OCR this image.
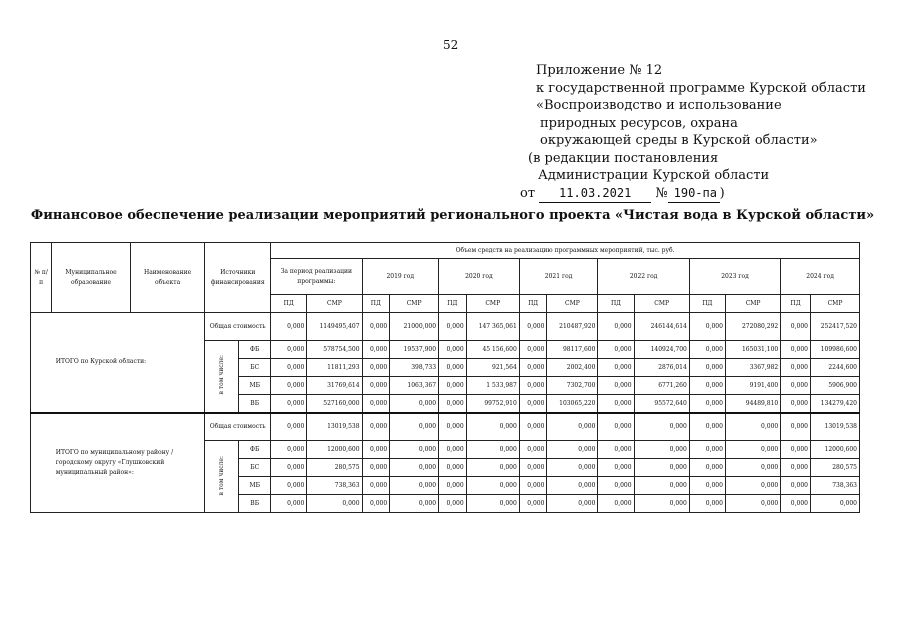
52
Приложение № 12
к государственной программе Курской области
«Воспроизводство и использование
природных ресурсов, охрана
окружающей среды в Курской области»
(в редакции постановления
Администрации Курской области
от 11.03.2021 № 190-па )
Финансовое обеспечение реализации мероприятий регионального проекта «Чистая вода в Курской области»
№ п/п	Муниципальное образование	Наименование объекта	Источники финансирования		Объем средств на реализацию программных мероприятий, тыс. руб.													
					За период реализации программы:		2019 год		2020 год		2021 год		2022 год		2023 год		2024 год	
					ПД	СМР	ПД	СМР	ПД	СМР	ПД	СМР	ПД	СМР	ПД	СМР	ПД	СМР
	ИТОГО по Курской области:		Общая стоимость		0,000	1149495,407	0,000	21000,000	0,000	147 365,061	0,000	210487,920	0,000	246144,614	0,000	272080,292	0,000	252417,520
			в том числе:	ФБ	0,000	578754,500	0,000	19537,900	0,000	45 156,600	0,000	98117,600	0,000	140924,700	0,000	165031,100	0,000	109986,600
				БС	0,000	11811,293	0,000	398,733	0,000	921,564	0,000	2002,400	0,000	2876,014	0,000	3367,982	0,000	2244,600
				МБ	0,000	31769,614	0,000	1063,367	0,000	1 533,987	0,000	7302,700	0,000	6771,260	0,000	9191,400	0,000	5906,900
				ВБ	0,000	527160,000	0,000	0,000	0,000	99752,910	0,000	103065,220	0,000	95572,640	0,000	94489,810	0,000	134279,420
	ИТОГО по муниципальному району / городскому округу «Глушковский муниципальный район»:		Общая стоимость		0,000	13019,538	0,000	0,000	0,000	0,000	0,000	0,000	0,000	0,000	0,000	0,000	0,000	13019,538
			в том числе:	ФБ	0,000	12000,600	0,000	0,000	0,000	0,000	0,000	0,000	0,000	0,000	0,000	0,000	0,000	12000,600
				БС	0,000	280,575	0,000	0,000	0,000	0,000	0,000	0,000	0,000	0,000	0,000	0,000	0,000	280,575
				МБ	0,000	738,363	0,000	0,000	0,000	0,000	0,000	0,000	0,000	0,000	0,000	0,000	0,000	738,363
				ВБ	0,000	0,000	0,000	0,000	0,000	0,000	0,000	0,000	0,000	0,000	0,000	0,000	0,000	0,000
